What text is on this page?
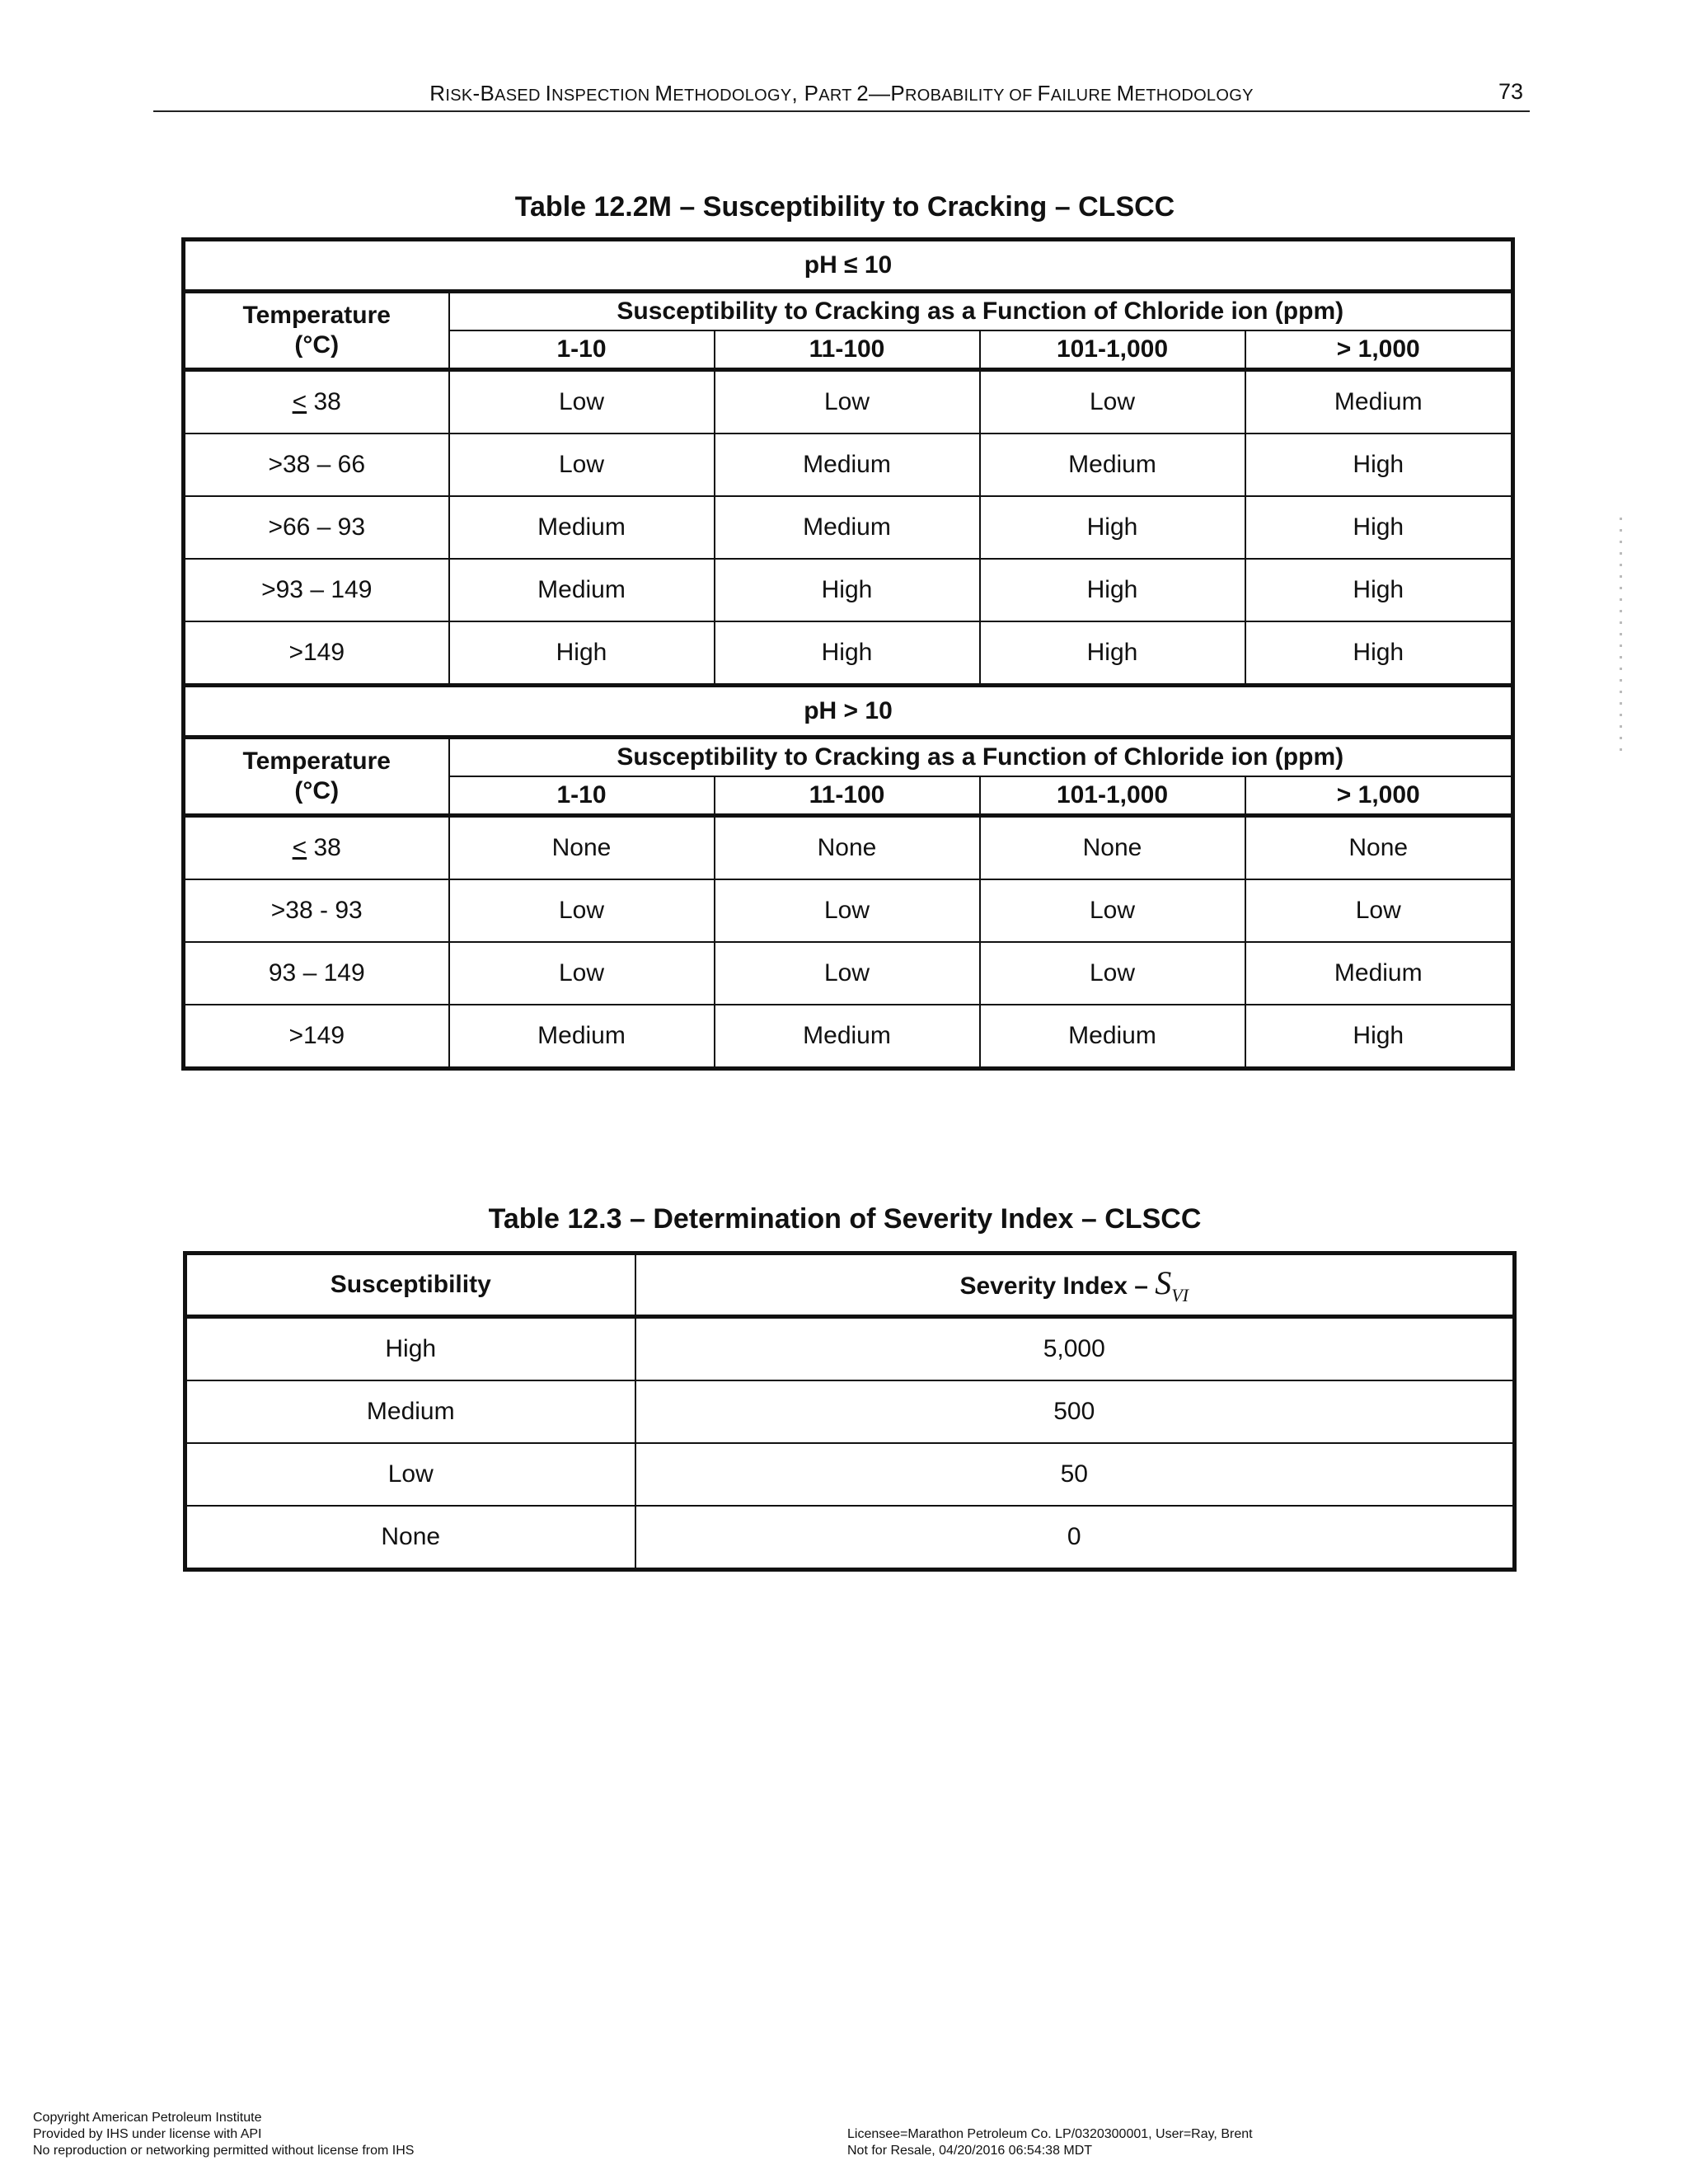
RISK-BASED INSPECTION METHODOLOGY, PART 2—PROBABILITY OF FAILURE METHODOLOGY	73
Table 12.2M – Susceptibility to Cracking – CLSCC
pH ≤ 10				

Temperature
(°C)	Susceptibility to Cracking as a Function of Chloride ion (ppm)			
	1-10	11-100	101-1,000	> 1,000
< 38	Low	Low	Low	Medium
>38 – 66	Low	Medium	Medium	High
>66 – 93	Medium	Medium	High	High
>93 – 149	Medium	High	High	High
>149	High	High	High	High
pH > 10				

Temperature
(°C)	Susceptibility to Cracking as a Function of Chloride ion (ppm)			
	1-10	11-100	101-1,000	> 1,000
< 38	None	None	None	None
>38 - 93	Low	Low	Low	Low
93 – 149	Low	Low	Low	Medium
>149	Medium	Medium	Medium	High
Table 12.3 – Determination of Severity Index – CLSCC
Susceptibility	Severity Index – $S_{VI}$
High	5,000
Medium	500
Low	50
None	0
Copyright American Petroleum Institute
Provided by IHS under license with API
No reproduction or networking permitted without license from IHS
Licensee=Marathon Petroleum Co. LP/0320300001, User=Ray, Brent
Not for Resale, 04/20/2016 06:54:38 MDT
